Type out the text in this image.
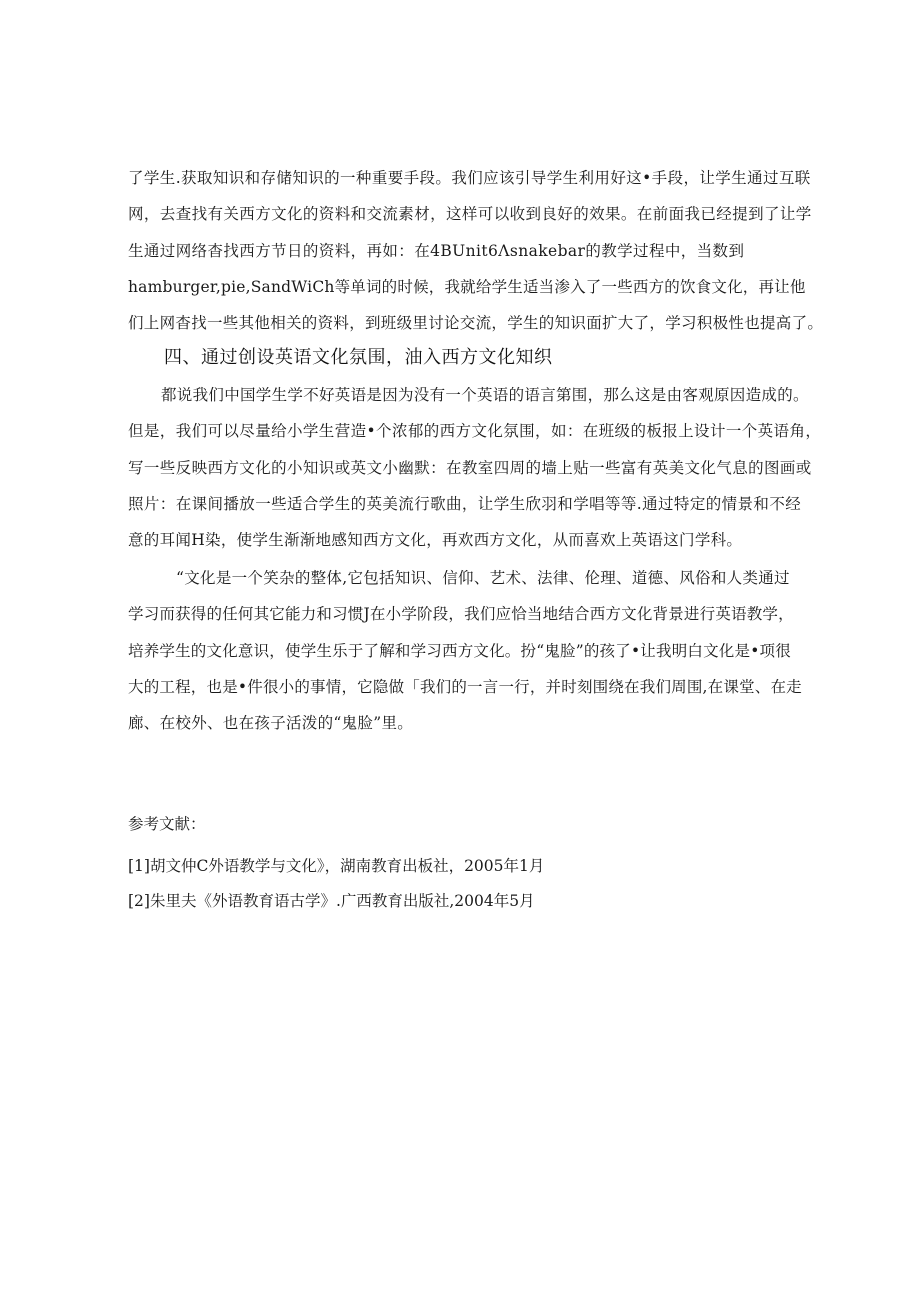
了学生.获取知识和存储知识的一种重要手段。我们应该引导学生利用好这•手段，让学生通过互联
网，去查找有关西方文化的资料和交流素材，这样可以收到良好的效果。在前面我已经提到了让学
生通过网络杳找西方节日的资料，再如：在4BUnit6Λsnakebar的教学过程中，当数到
hamburger,pie,SandWiCh等单词的时候，我就给学生适当渗入了一些西方的饮食文化，再让他
们上网杳找一些其他相关的资料，到班级里讨论交流，学生的知识面扩大了，学习积极性也提高了。
四、通过创设英语文化氛围，油入西方文化知织
都说我们中国学生学不好英语是因为没有一个英语的语言第围，那么这是由客观原因造成的。
但是，我们可以尽量给小学生营造•个浓郁的西方文化氛围，如：在班级的板报上设计一个英语角，
写一些反映西方文化的小知识或英文小幽默：在教室四周的墙上贴一些富有英美文化气息的图画或
照片：在课间播放一些适合学生的英美流行歌曲，让学生欣羽和学唱等等.通过特定的情景和不经
意的耳闻H染，使学生渐渐地感知西方文化，再欢西方文化，从而喜欢上英语这门学科。
“文化是一个笑杂的整体,它包括知识、信仰、艺术、法律、伦理、道德、风俗和人类通过
学习而获得的任何其它能力和习惯J在小学阶段，我们应恰当地结合西方文化背景进行英语教学，
培养学生的文化意识，使学生乐于了解和学习西方文化。扮“鬼脸”的孩了•让我明白文化是•项很
大的工程，也是•件很小的事情，它隐做「我们的一言一行，并时刻围绕在我们周围,在课堂、在走
廊、在校外、也在孩子活泼的“鬼脸”里。
参考文献：
[1]胡文仲C外语教学与文化》，湖南教育出板社，2005年1月
[2]朱里夫《外语教育语古学》.广西教育出版社,2004年5月
